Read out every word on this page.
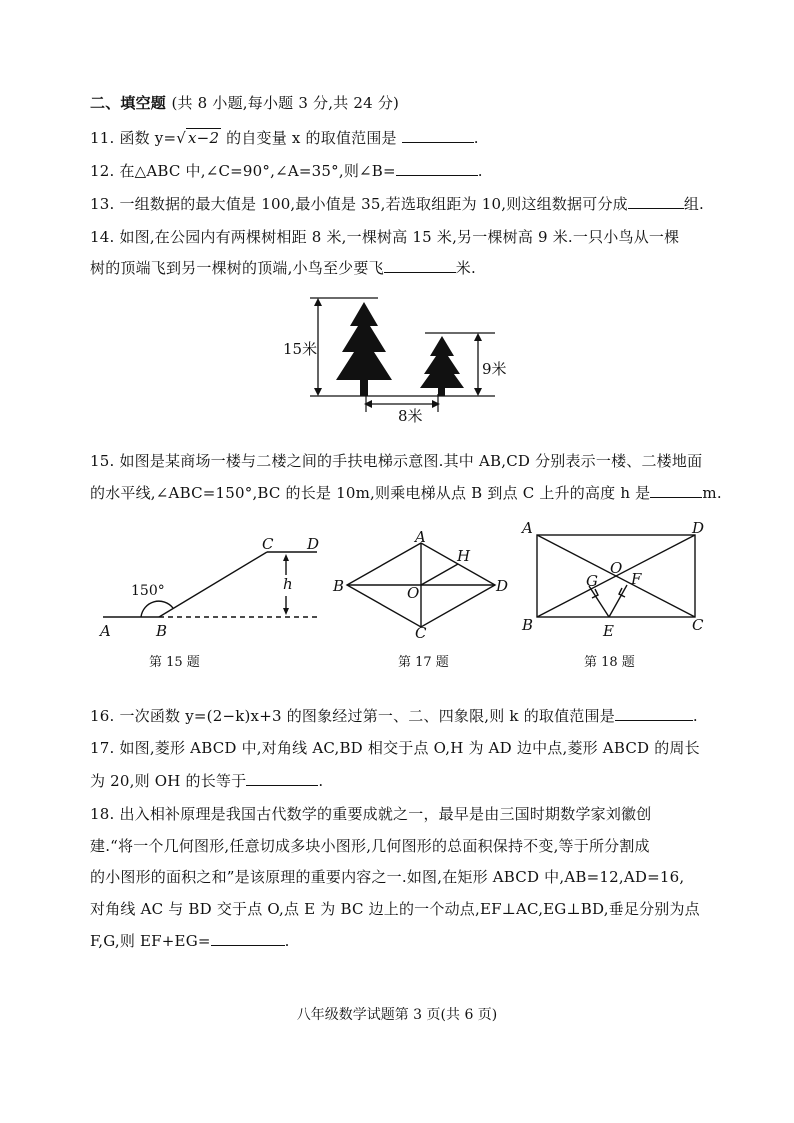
二、填空题 (共 8 小题,每小题 3 分,共 24 分)
11. 函数 y=√ x−2 的自变量 x 的取值范围是	.
12. 在△ABC 中,∠C=90°,∠A=35°,则∠B=	.
13. 一组数据的最大值是 100,最小值是 35,若选取组距为 10,则这组数据可分成	组.
14. 如图,在公园内有两棵树相距 8 米,一棵树高 15 米,另一棵树高 9 米.一只小鸟从一棵
树的顶端飞到另一棵树的顶端,小鸟至少要飞	米.
15米
9米
8米
15. 如图是某商场一楼与二楼之间的手扶电梯示意图.其中 AB,CD 分别表示一楼、二楼地面
的水平线,∠ABC=150°,BC 的长是 10m,则乘电梯从点 B 到点 C 上升的高度 h 是	m.
150°
A	B
C D
h
第 15 题
A
B
C
D
H
O
第 17 题
A
B	C
D
O
G F
E
第 18 题
16. 一次函数 y=(2−k)x+3 的图象经过第一、二、四象限,则 k 的取值范围是	.
17. 如图,菱形 ABCD 中,对角线 AC,BD 相交于点 O,H 为 AD 边中点,菱形 ABCD 的周长
为 20,则 OH 的长等于	.
18. 出入相补原理是我国古代数学的重要成就之一，最早是由三国时期数学家刘徽创
建.“将一个几何图形,任意切成多块小图形,几何图形的总面积保持不变,等于所分割成
的小图形的面积之和”是该原理的重要内容之一.如图,在矩形 ABCD 中,AB=12,AD=16,
对角线 AC 与 BD 交于点 O,点 E 为 BC 边上的一个动点,EF⊥AC,EG⊥BD,垂足分别为点
F,G,则 EF+EG=	.
八年级数学试题第 3 页(共 6 页)
